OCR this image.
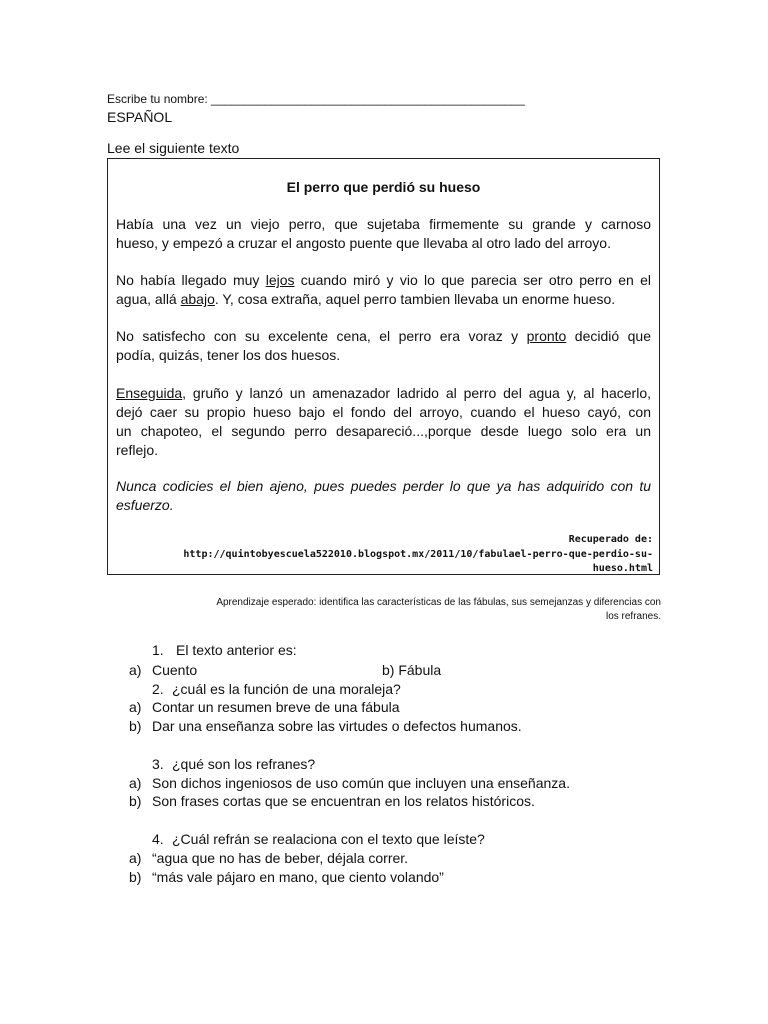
Escribe tu nombre: _______________________________________________
ESPAÑOL
Lee el siguiente texto
El perro que perdió su hueso
Había una vez un viejo perro, que sujetaba firmemente su grande y carnoso
hueso, y empezó a cruzar el angosto puente que llevaba al otro lado del arroyo.
No había llegado muy lejos cuando miró y vio lo que parecia ser otro perro en el
agua, allá abajo. Y, cosa extraña, aquel perro tambien llevaba un enorme hueso.
No satisfecho con su excelente cena, el perro era voraz y pronto decidió que
podía, quizás, tener los dos huesos.
Enseguida, gruño y lanzó un amenazador ladrido al perro del agua y, al hacerlo,
dejó caer su propio hueso bajo el fondo del arroyo, cuando el hueso cayó, con
un chapoteo, el segundo perro desapareció...,porque desde luego solo era un
reflejo.
Nunca codicies el bien ajeno, pues puedes perder lo que ya has adquirido con tu
esfuerzo.
Recuperado de:
http://quintobyescuela522010.blogspot.mx/2011/10/fabulael-perro-que-perdio-su-
hueso.html
Aprendizaje esperado: identifica las características de las fábulas, sus semejanzas y diferencias con
los refranes.
1. El texto anterior es:
a) Cuento	b) Fábula
2. ¿cuál es la función de una moraleja?
a) Contar un resumen breve de una fábula
b) Dar una enseñanza sobre las virtudes o defectos humanos.
3. ¿qué son los refranes?
a) Son dichos ingeniosos de uso común que incluyen una enseñanza.
b) Son frases cortas que se encuentran en los relatos históricos.
4. ¿Cuál refrán se realaciona con el texto que leíste?
a) “agua que no has de beber, déjala correr.
b) “más vale pájaro en mano, que ciento volando”
